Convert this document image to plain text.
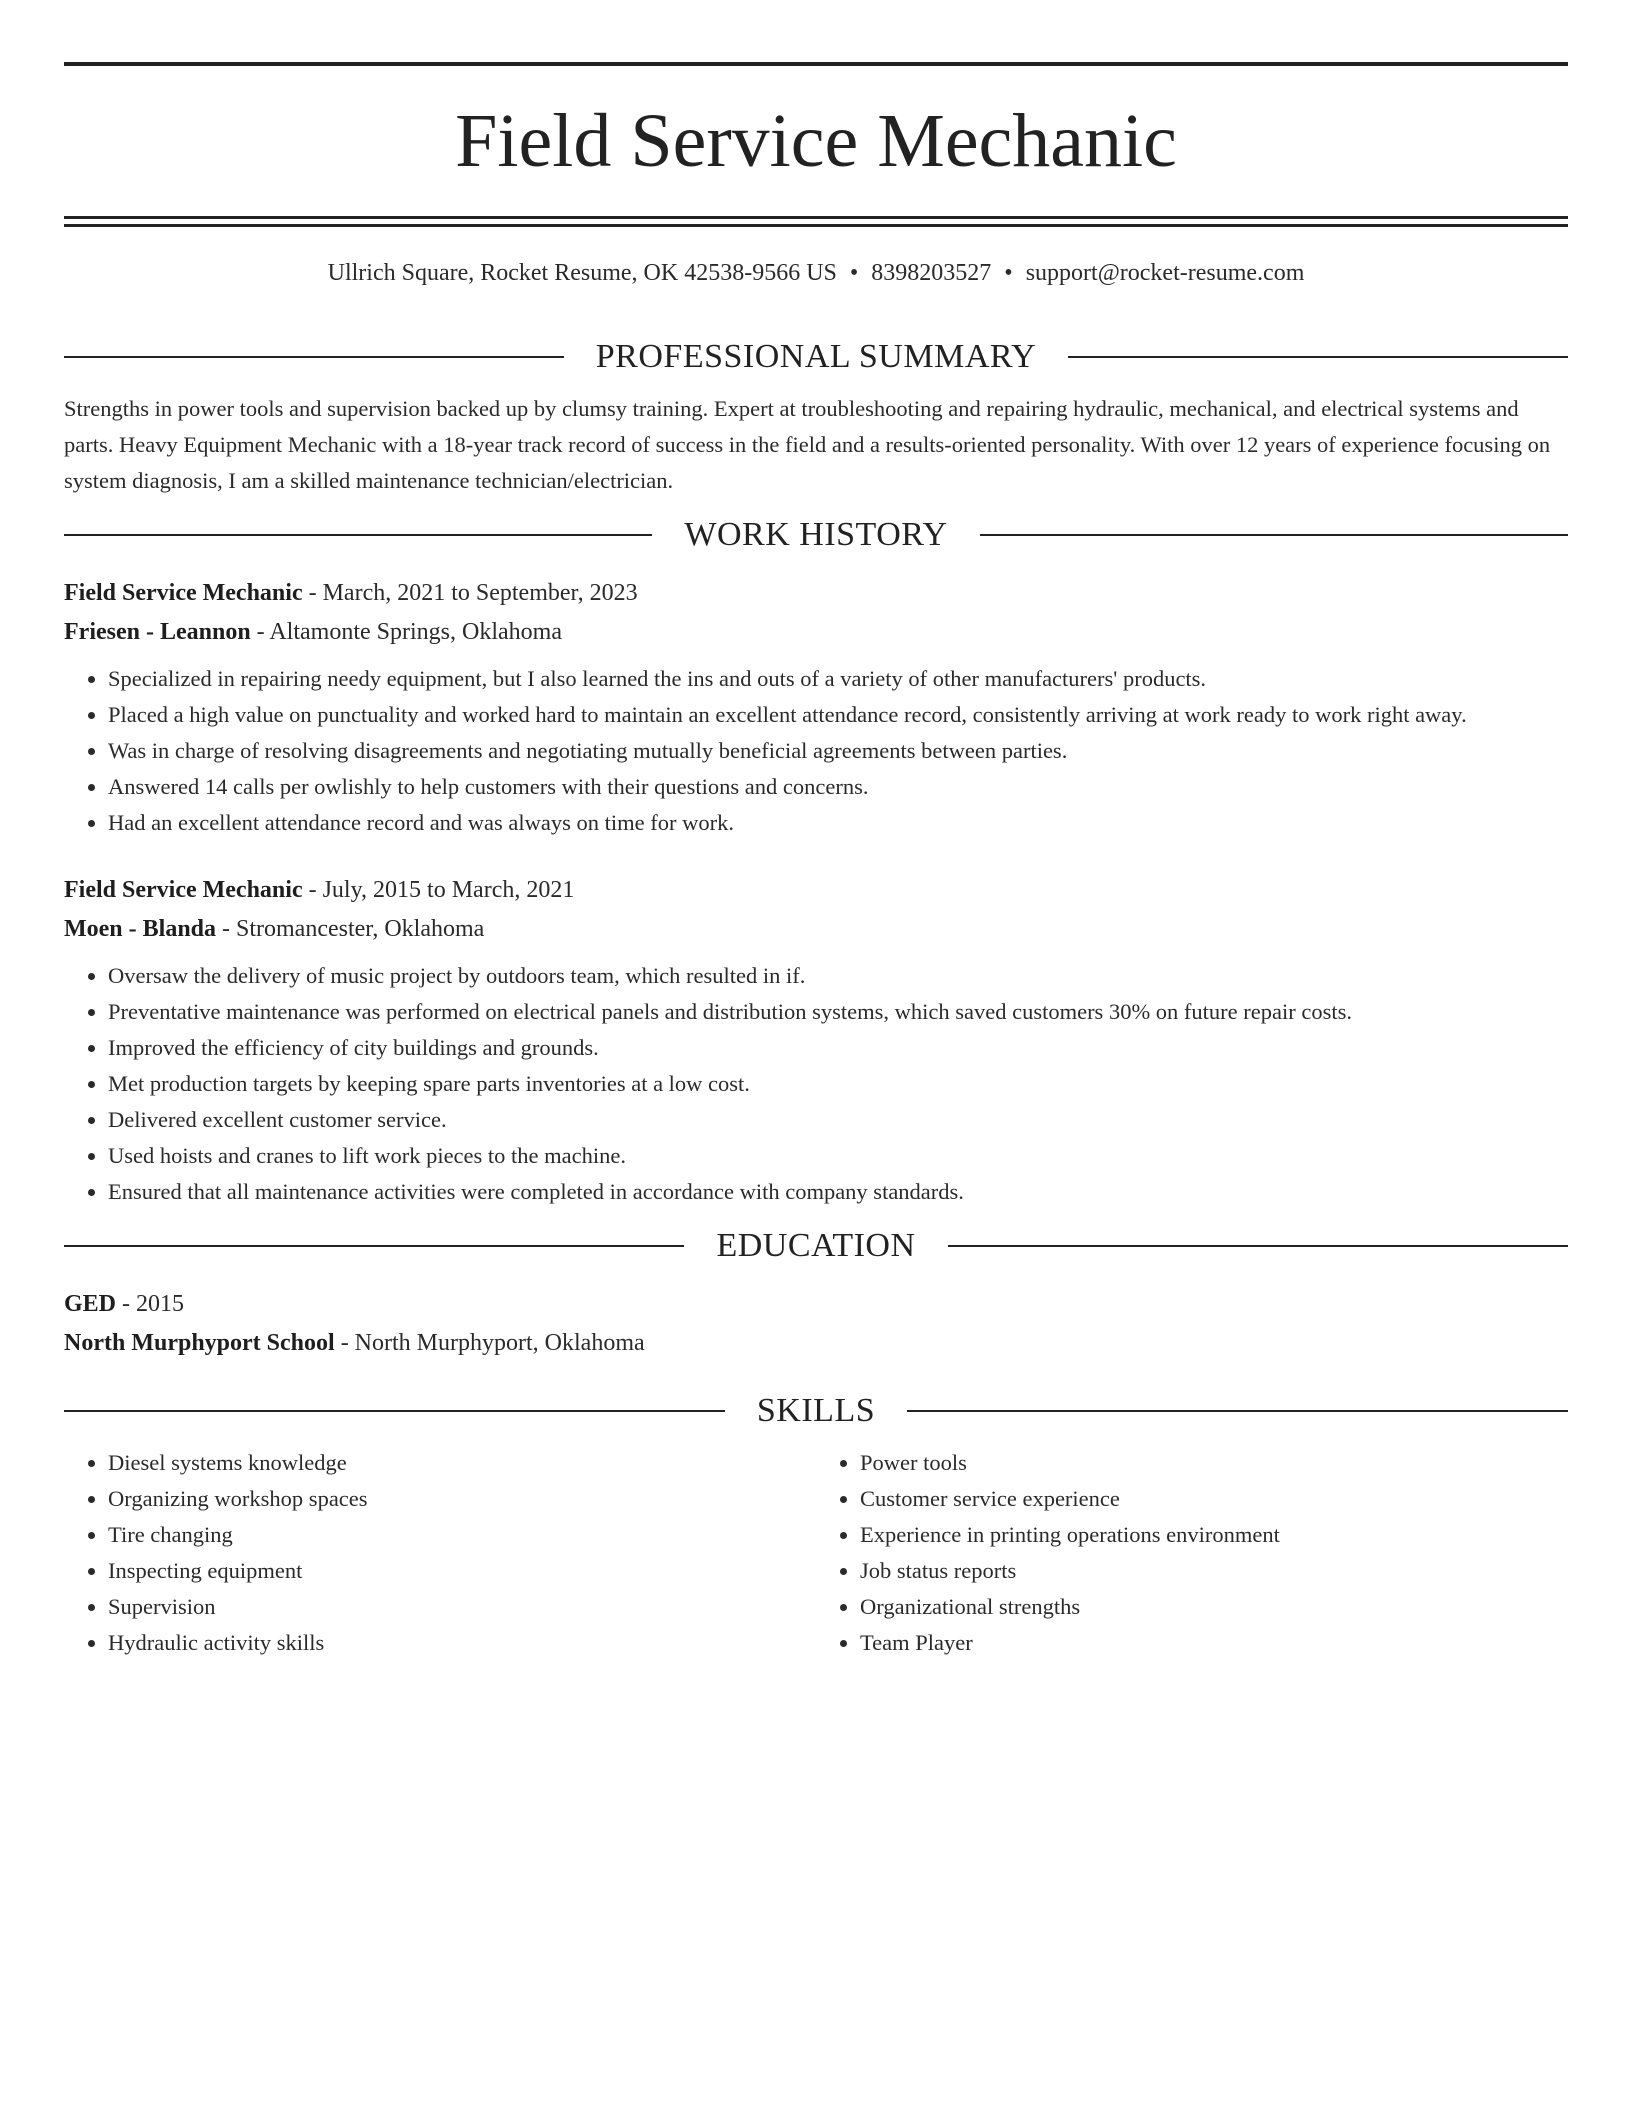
Field Service Mechanic
Ullrich Square, Rocket Resume, OK 42538-9566 US • 8398203527 • support@rocket-resume.com
PROFESSIONAL SUMMARY
Strengths in power tools and supervision backed up by clumsy training. Expert at troubleshooting and repairing hydraulic, mechanical, and electrical systems and parts. Heavy Equipment Mechanic with a 18-year track record of success in the field and a results-oriented personality. With over 12 years of experience focusing on system diagnosis, I am a skilled maintenance technician/electrician.
WORK HISTORY
Field Service Mechanic - March, 2021 to September, 2023
Friesen - Leannon - Altamonte Springs, Oklahoma
• Specialized in repairing needy equipment, but I also learned the ins and outs of a variety of other manufacturers' products.
• Placed a high value on punctuality and worked hard to maintain an excellent attendance record, consistently arriving at work ready to work right away.
• Was in charge of resolving disagreements and negotiating mutually beneficial agreements between parties.
• Answered 14 calls per owlishly to help customers with their questions and concerns.
• Had an excellent attendance record and was always on time for work.
Field Service Mechanic - July, 2015 to March, 2021
Moen - Blanda - Stromancester, Oklahoma
• Oversaw the delivery of music project by outdoors team, which resulted in if.
• Preventative maintenance was performed on electrical panels and distribution systems, which saved customers 30% on future repair costs.
• Improved the efficiency of city buildings and grounds.
• Met production targets by keeping spare parts inventories at a low cost.
• Delivered excellent customer service.
• Used hoists and cranes to lift work pieces to the machine.
• Ensured that all maintenance activities were completed in accordance with company standards.
EDUCATION
GED - 2015
North Murphyport School - North Murphyport, Oklahoma
SKILLS
• Diesel systems knowledge
• Organizing workshop spaces
• Tire changing
• Inspecting equipment
• Supervision
• Hydraulic activity skills
• Power tools
• Customer service experience
• Experience in printing operations environment
• Job status reports
• Organizational strengths
• Team Player
